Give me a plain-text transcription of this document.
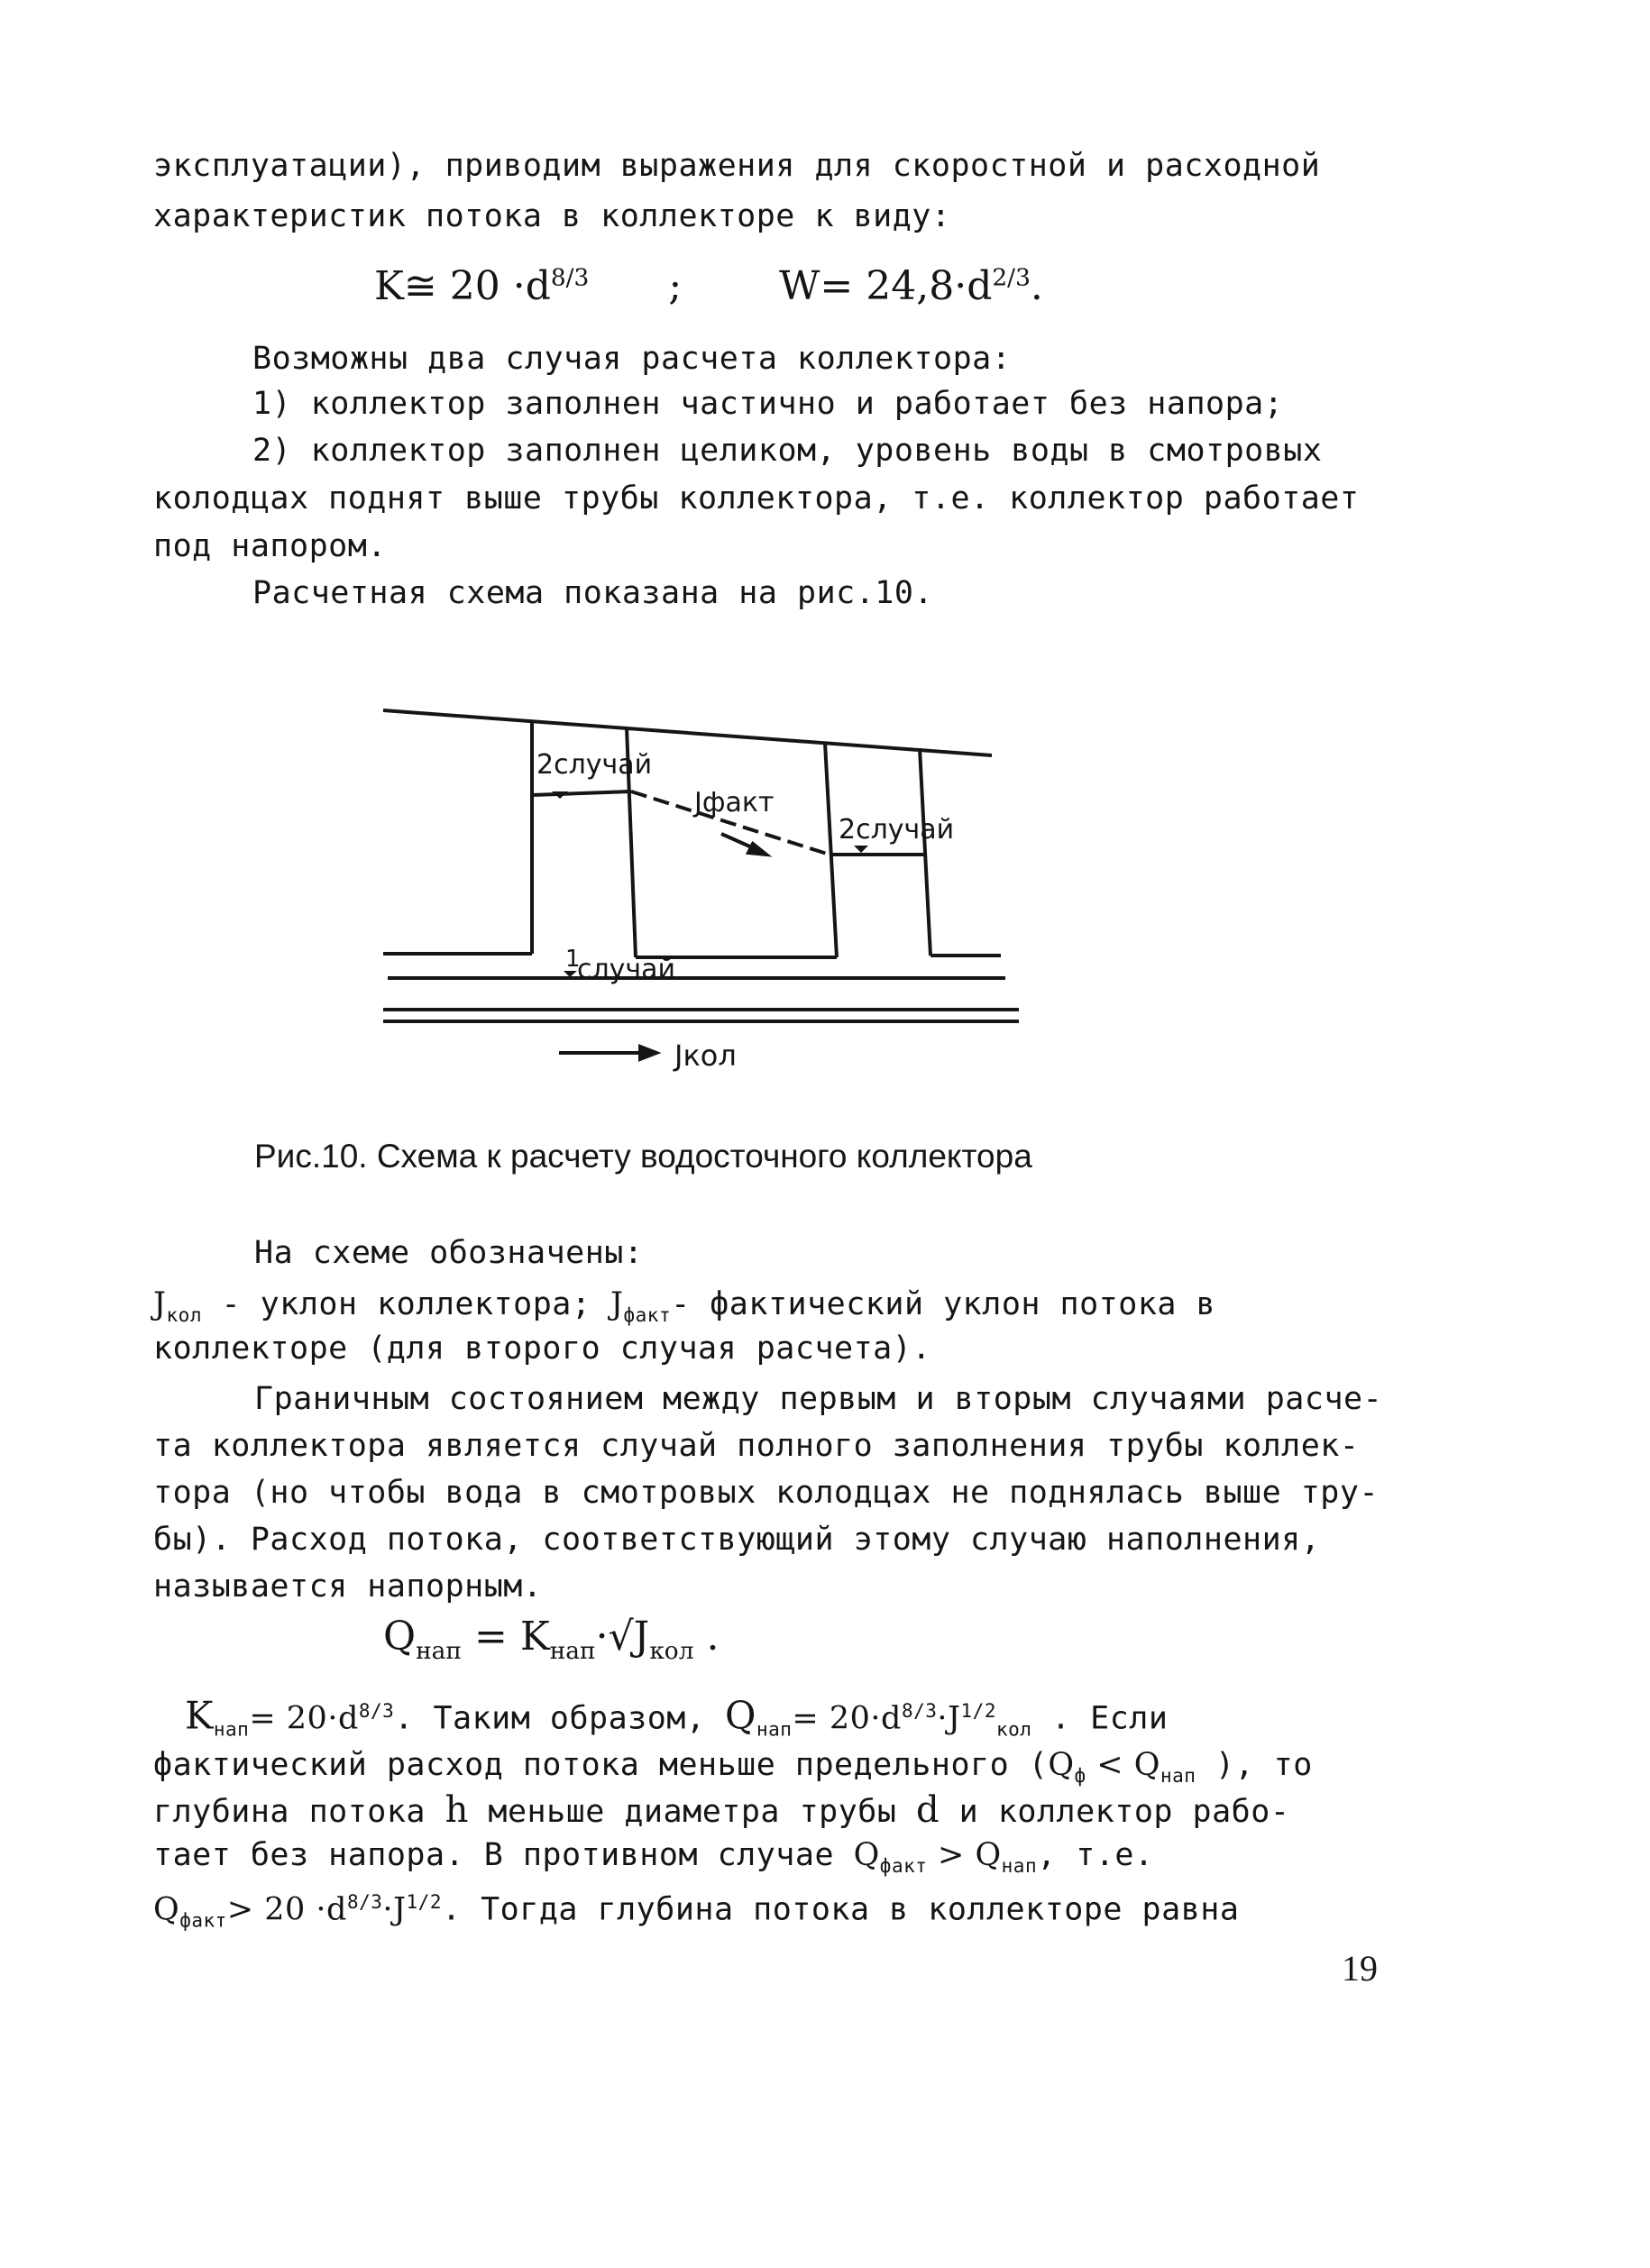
эксплуатации), приводим выражения для скоростной и расходной
характеристик потока в коллекторе к виду:
K≅ $20 \cdot d^{8/3}$ ; $W= 24,8\cdot d^{2/3}$.
Возможны два случая расчета коллектора:
1) коллектор заполнен частично и работает без напора;
2) коллектор заполнен целиком, уровень воды в смотровых
колодцах поднят выше трубы коллектора, т.е. коллектор работает
под напором.
Расчетная схема показана на рис.10.
2случай
Jфакт
2случай
1
случай
Jкол
Рис.10. Схема к расчету водосточного коллектора
На схеме обозначены:
$J_{кол}$ - уклон коллектора; $J_{факт}-$ фактический уклон потока в
коллекторе (для второго случая расчета).
Граничным состоянием между первым и вторым случаями расче-
та коллектора является случай полного заполнения трубы коллек-
тора (но чтобы вода в смотровых колодцах не поднялась выше тру-
бы). Расход потока, соответствующий этому случаю наполнения,
называется напорным.
$Q_{нап} = K_{нап}\cdot√J_{кол}$ .
$K_{нап}= 20\cdot d^{8/3}$. Таким образом, $Q_{нап}= 20\cdot d^{8/3}\cdot J^{1/2}_{кол}$ . Если
фактический расход потока меньше предельного ($Q_ф < Q_{нап}$ ), то
глубина потока h меньше диаметра трубы d и коллектор рабо-
тает без напора. В противном случае $Q_{факт} > Q_{нап}$, т.е.
$Q_{факт}> 20 \cdot d^{8/3}\cdot J^{1/2}$. Тогда глубина потока в коллекторе равна
19
